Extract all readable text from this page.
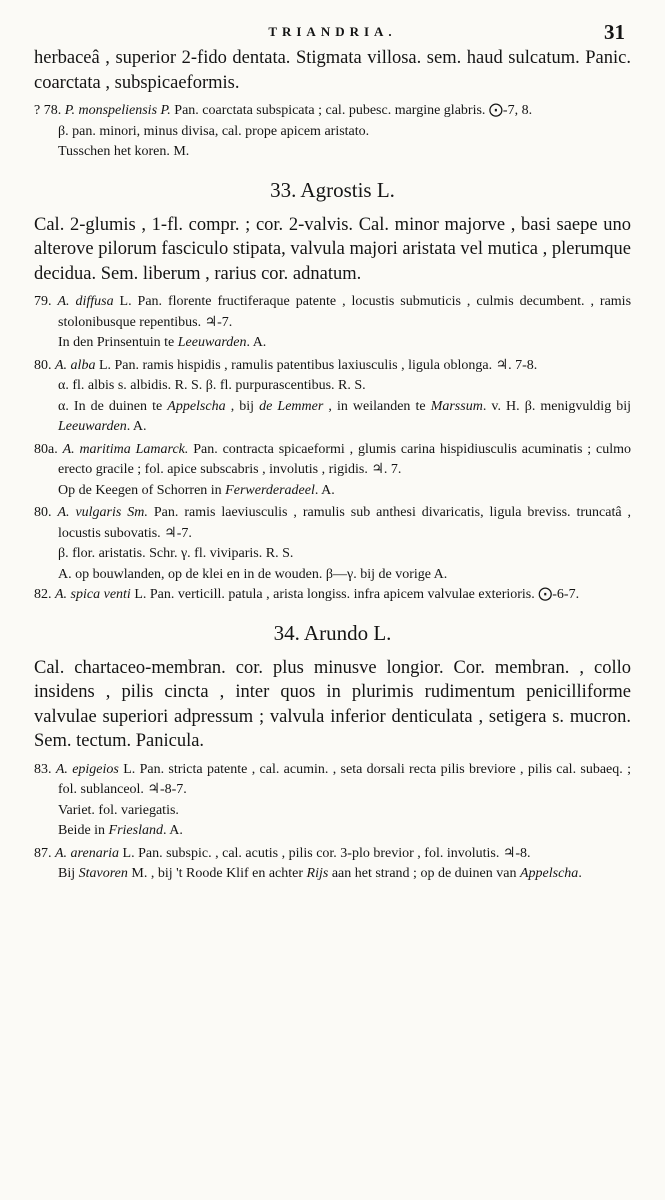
TRIANDRIA.	31

herbaceâ , superior 2-fido dentata. Stigmata villosa. sem. haud sulcatum. Panic. coarctata , subspicaeformis.

? 78. P. monspeliensis P. Pan. coarctata subspicata ; cal. pubesc. margine glabris. ⨀-7, 8.

β. pan. minori, minus divisa, cal. prope apicem aristato.

Tusschen het koren. M.

33. Agrostis L.

Cal. 2-glumis , 1-fl. compr. ; cor. 2-valvis. Cal. minor majorve , basi saepe uno alterove pilorum fasciculo stipata, valvula majori aristata vel mutica , plerumque decidua. Sem. liberum , rarius cor. adnatum.

79. A. diffusa L. Pan. florente fructiferaque patente , locustis submuticis , culmis decumbent. , ramis stolonibusque repentibus. ♃-7.

In den Prinsentuin te Leeuwarden. A.

80. A. alba L. Pan. ramis hispidis , ramulis patentibus laxiusculis , ligula oblonga. ♃. 7-8.

α. fl. albis s. albidis. R. S. β. fl. purpurascentibus. R. S.

α. In de duinen te Appelscha , bij de Lemmer , in weilanden te Marssum. v. H. β. menigvuldig bij Leeuwarden. A.

80a. A. maritima Lamarck. Pan. contracta spicaeformi , glumis carina hispidiusculis acuminatis ; culmo erecto gracile ; fol. apice subscabris , involutis , rigidis. ♃. 7.

Op de Keegen of Schorren in Ferwerderadeel. A.

80. A. vulgaris Sm. Pan. ramis laeviusculis , ramulis sub anthesi divaricatis, ligula breviss. truncatâ , locustis subovatis. ♃-7.

β. flor. aristatis. Schr. γ. fl. viviparis. R. S.

A. op bouwlanden, op de klei en in de wouden. β—γ. bij de vorige A.

82. A. spica venti L. Pan. verticill. patula , arista longiss. infra apicem valvulae exterioris. ⨀-6-7.

34. Arundo L.

Cal. chartaceo-membran. cor. plus minusve longior. Cor. membran. , collo insidens , pilis cincta , inter quos in plurimis rudimentum penicilliforme valvulae superiori adpressum ; valvula inferior denticulata , setigera s. mucron. Sem. tectum. Panicula.

83. A. epigeios L. Pan. stricta patente , cal. acumin. , seta dorsali recta pilis breviore , pilis cal. subaeq. ; fol. sublanceol. ♃-8-7.

Variet. fol. variegatis.

Beide in Friesland. A.

87. A. arenaria L. Pan. subspic. , cal. acutis , pilis cor. 3-plo brevior , fol. involutis. ♃-8.

Bij Stavoren M. , bij 't Roode Klif en achter Rijs aan het strand ; op de duinen van Appelscha.
